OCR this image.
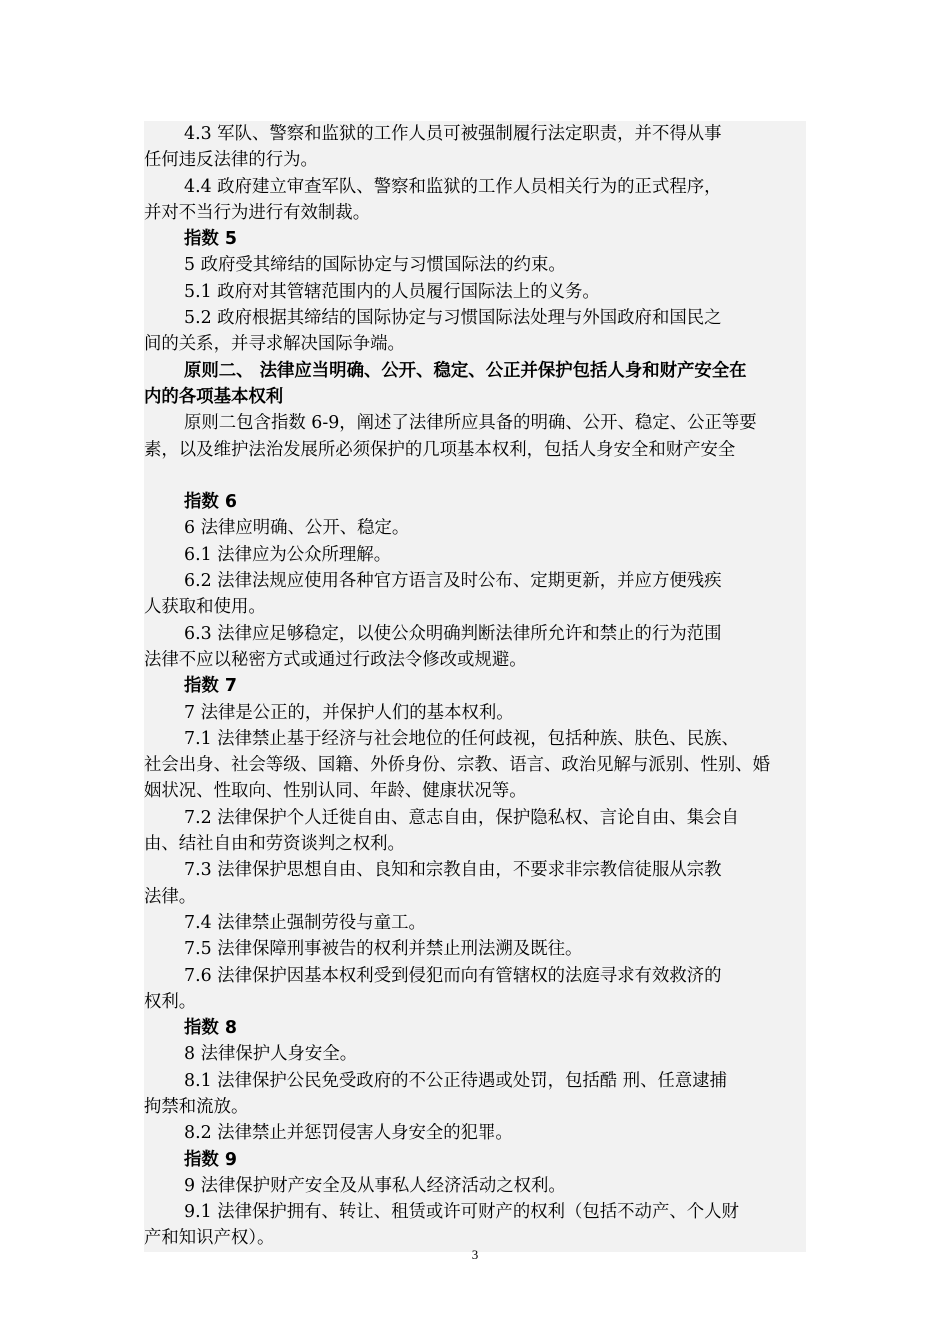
4.3 军队、警察和监狱的工作人员可被强制履行法定职责，并不得从事
任何违反法律的行为。
4.4 政府建立审查军队、警察和监狱的工作人员相关行为的正式程序，
并对不当行为进行有效制裁。
指数 5
5 政府受其缔结的国际协定与习惯国际法的约束。
5.1 政府对其管辖范围内的人员履行国际法上的义务。
5.2 政府根据其缔结的国际协定与习惯国际法处理与外国政府和国民之
间的关系，并寻求解决国际争端。
原则二、 法律应当明确、公开、稳定、公正并保护包括人身和财产安全在
内的各项基本权利
原则二包含指数 6-9，阐述了法律所应具备的明确、公开、稳定、公正等要
素，以及维护法治发展所必须保护的几项基本权利，包括人身安全和财产安全
指数 6
6 法律应明确、公开、稳定。
6.1 法律应为公众所理解。
6.2 法律法规应使用各种官方语言及时公布、定期更新，并应方便残疾
人获取和使用。
6.3 法律应足够稳定，以使公众明确判断法律所允许和禁止的行为范围
法律不应以秘密方式或通过行政法令修改或规避。
指数 7
7 法律是公正的，并保护人们的基本权利。
7.1 法律禁止基于经济与社会地位的任何歧视，包括种族、肤色、民族、
社会出身、社会等级、国籍、外侨身份、宗教、语言、政治见解与派别、性别、婚
姻状况、性取向、性别认同、年龄、健康状况等。
7.2 法律保护个人迁徙自由、意志自由，保护隐私权、言论自由、集会自
由、结社自由和劳资谈判之权利。
7.3 法律保护思想自由、良知和宗教自由，不要求非宗教信徒服从宗教
法律。
7.4 法律禁止强制劳役与童工。
7.5 法律保障刑事被告的权利并禁止刑法溯及既往。
7.6 法律保护因基本权利受到侵犯而向有管辖权的法庭寻求有效救济的
权利。
指数 8
8 法律保护人身安全。
8.1 法律保护公民免受政府的不公正待遇或处罚，包括酷 刑、任意逮捕
拘禁和流放。
8.2 法律禁止并惩罚侵害人身安全的犯罪。
指数 9
9 法律保护财产安全及从事私人经济活动之权利。
9.1 法律保护拥有、转让、租赁或许可财产的权利（包括不动产、个人财
产和知识产权）。
3
